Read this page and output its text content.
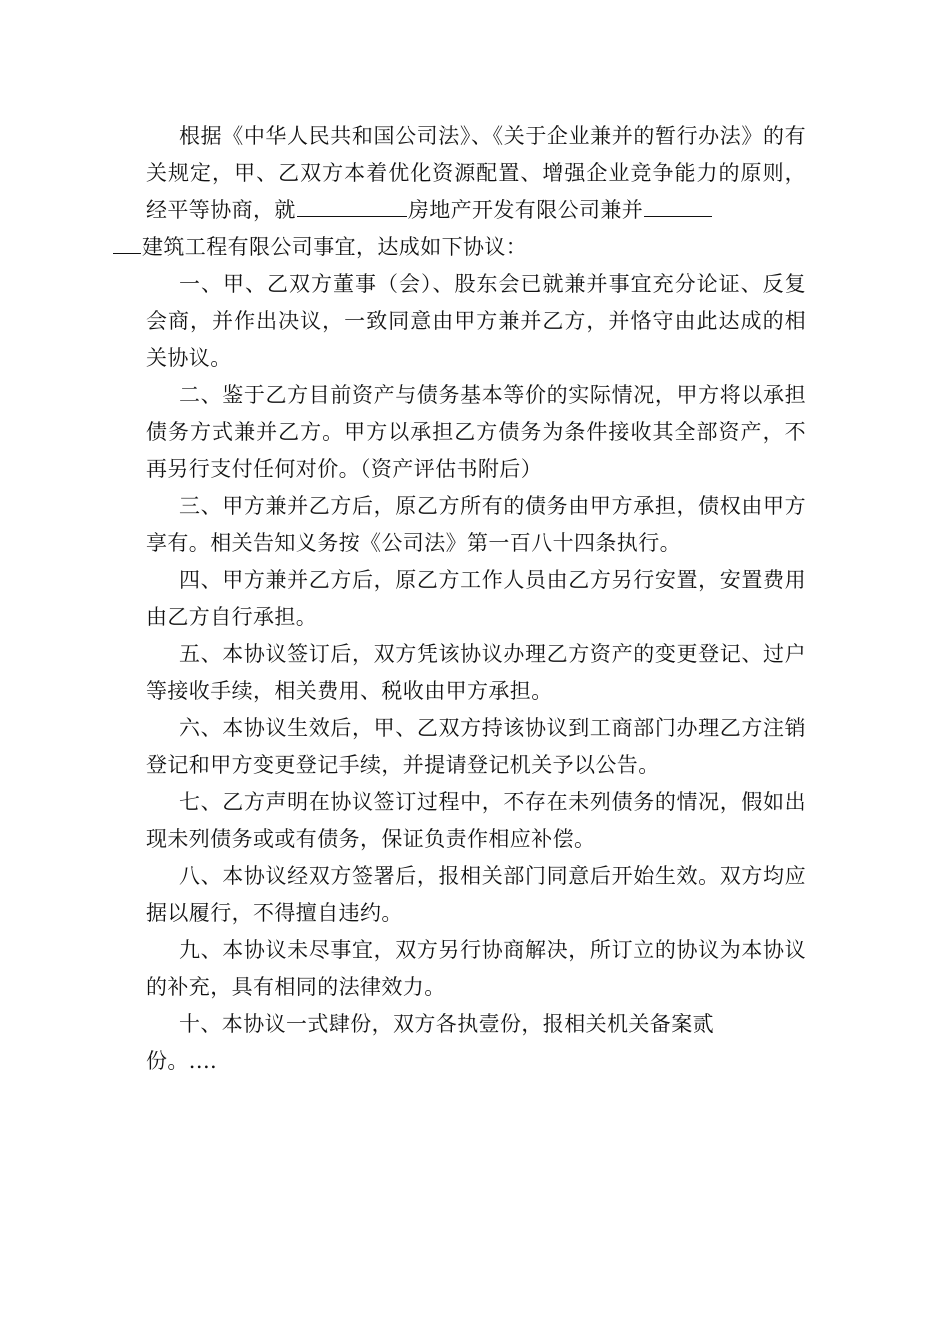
根据《中华人民共和国公司法》、《关于企业兼并的暂行办法》的有关规定，甲、乙双方本着优化资源配置、增强企业竞争能力的原则，经平等协商，就	房地产开发有限公司兼并
建筑工程有限公司事宜，达成如下协议：

一、甲、乙双方董事（会）、股东会已就兼并事宜充分论证、反复会商，并作出决议，一致同意由甲方兼并乙方，并恪守由此达成的相关协议。

二、鉴于乙方目前资产与债务基本等价的实际情况，甲方将以承担债务方式兼并乙方。甲方以承担乙方债务为条件接收其全部资产，不再另行支付任何对价。（资产评估书附后）

三、甲方兼并乙方后，原乙方所有的债务由甲方承担，债权由甲方享有。相关告知义务按《公司法》第一百八十四条执行。

四、甲方兼并乙方后，原乙方工作人员由乙方另行安置，安置费用由乙方自行承担。

五、本协议签订后，双方凭该协议办理乙方资产的变更登记、过户等接收手续，相关费用、税收由甲方承担。

六、本协议生效后，甲、乙双方持该协议到工商部门办理乙方注销登记和甲方变更登记手续，并提请登记机关予以公告。

七、乙方声明在协议签订过程中，不存在未列债务的情况，假如出现未列债务或或有债务，保证负责作相应补偿。

八、本协议经双方签署后，报相关部门同意后开始生效。双方均应据以履行，不得擅自违约。

九、本协议未尽事宜，双方另行协商解决，所订立的协议为本协议的补充，具有相同的法律效力。

十、本协议一式肆份，双方各执壹份，报相关机关备案贰
份。....
